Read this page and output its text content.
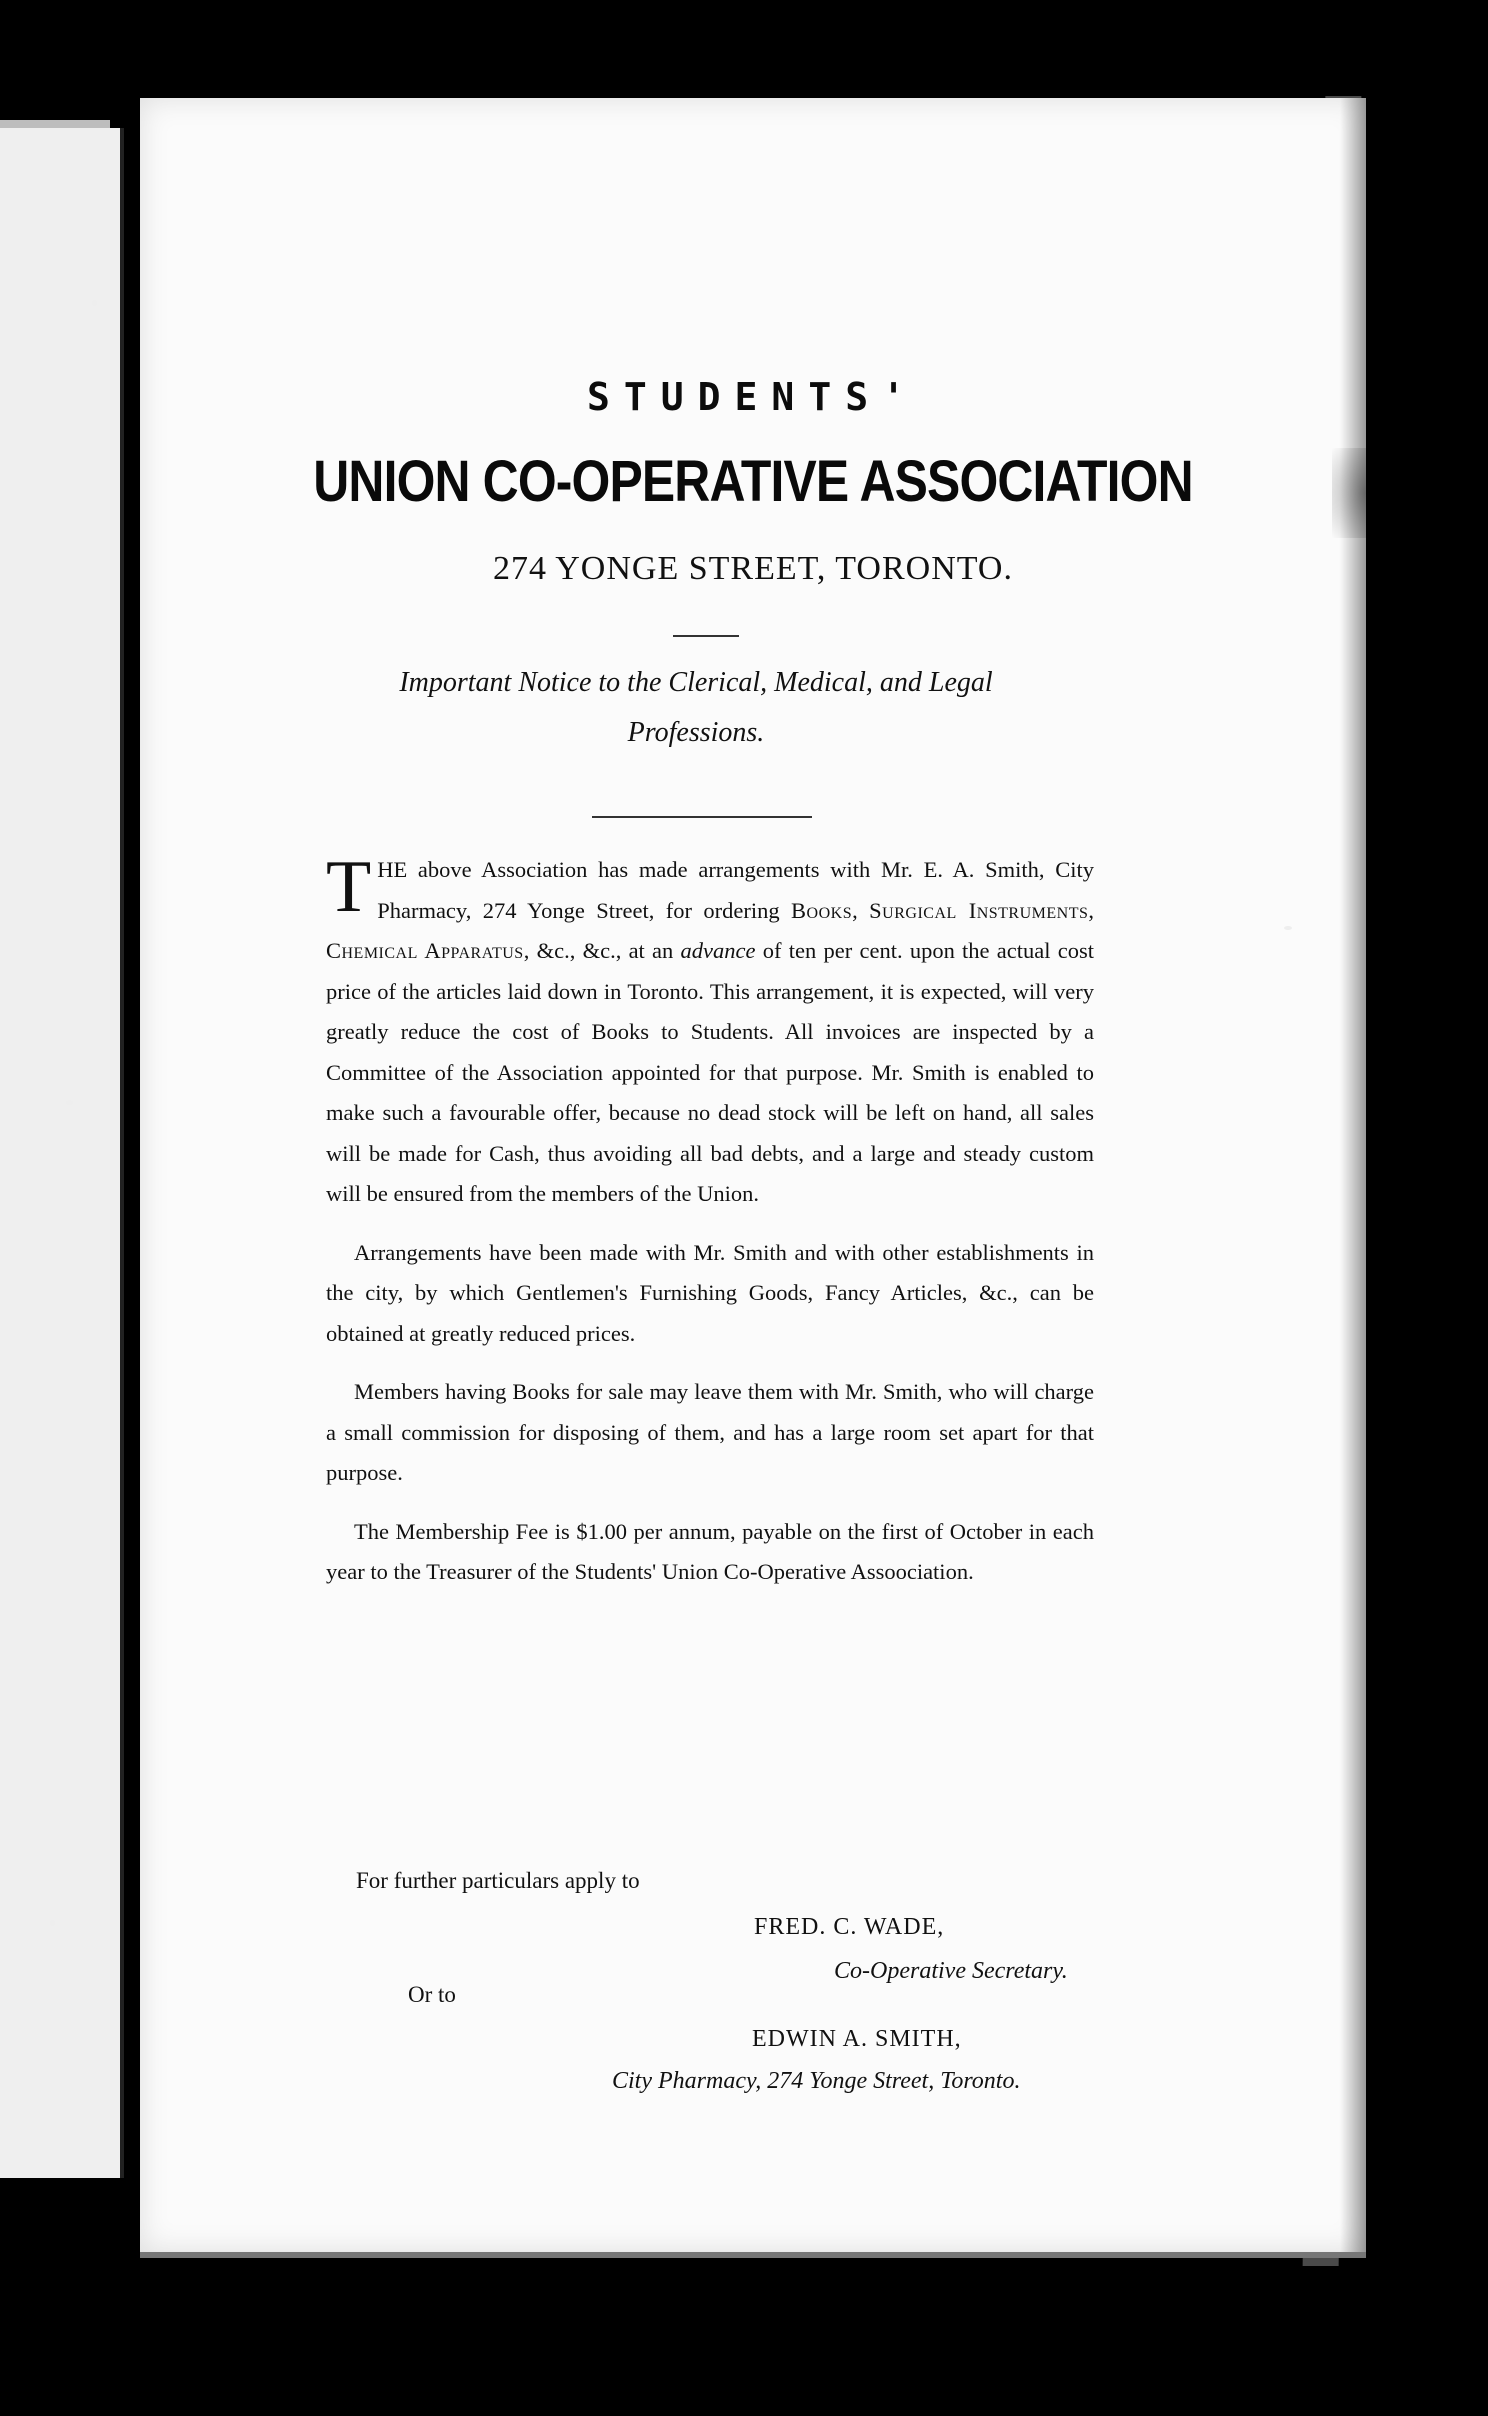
STUDENTS'
UNION CO-OPERATIVE ASSOCIATION
274 YONGE STREET, TORONTO.
Important Notice to the Clerical, Medical, and Legal
Professions.

THE above Association has made arrangements with Mr. E. A. Smith, City Pharmacy, 274 Yonge Street, for ordering Books, Surgical Instruments, Chemical Apparatus, &c., &c., at an advance of ten per cent. upon the actual cost price of the articles laid down in Toronto. This arrangement, it is expected, will very greatly reduce the cost of Books to Students. All invoices are inspected by a Committee of the Association appointed for that purpose. Mr. Smith is enabled to make such a favourable offer, because no dead stock will be left on hand, all sales will be made for Cash, thus avoiding all bad debts, and a large and steady custom will be ensured from the members of the Union.

Arrangements have been made with Mr. Smith and with other establishments in the city, by which Gentlemen's Furnishing Goods, Fancy Articles, &c., can be obtained at greatly reduced prices.

Members having Books for sale may leave them with Mr. Smith, who will charge a small commission for disposing of them, and has a large room set apart for that purpose.

The Membership Fee is $1.00 per annum, payable on the first of October in each year to the Treasurer of the Students' Union Co-Operative Assoociation.

For further particulars apply to
FRED. C. WADE,
Co-Operative Secretary.
Or to
EDWIN A. SMITH,
City Pharmacy, 274 Yonge Street, Toronto.
